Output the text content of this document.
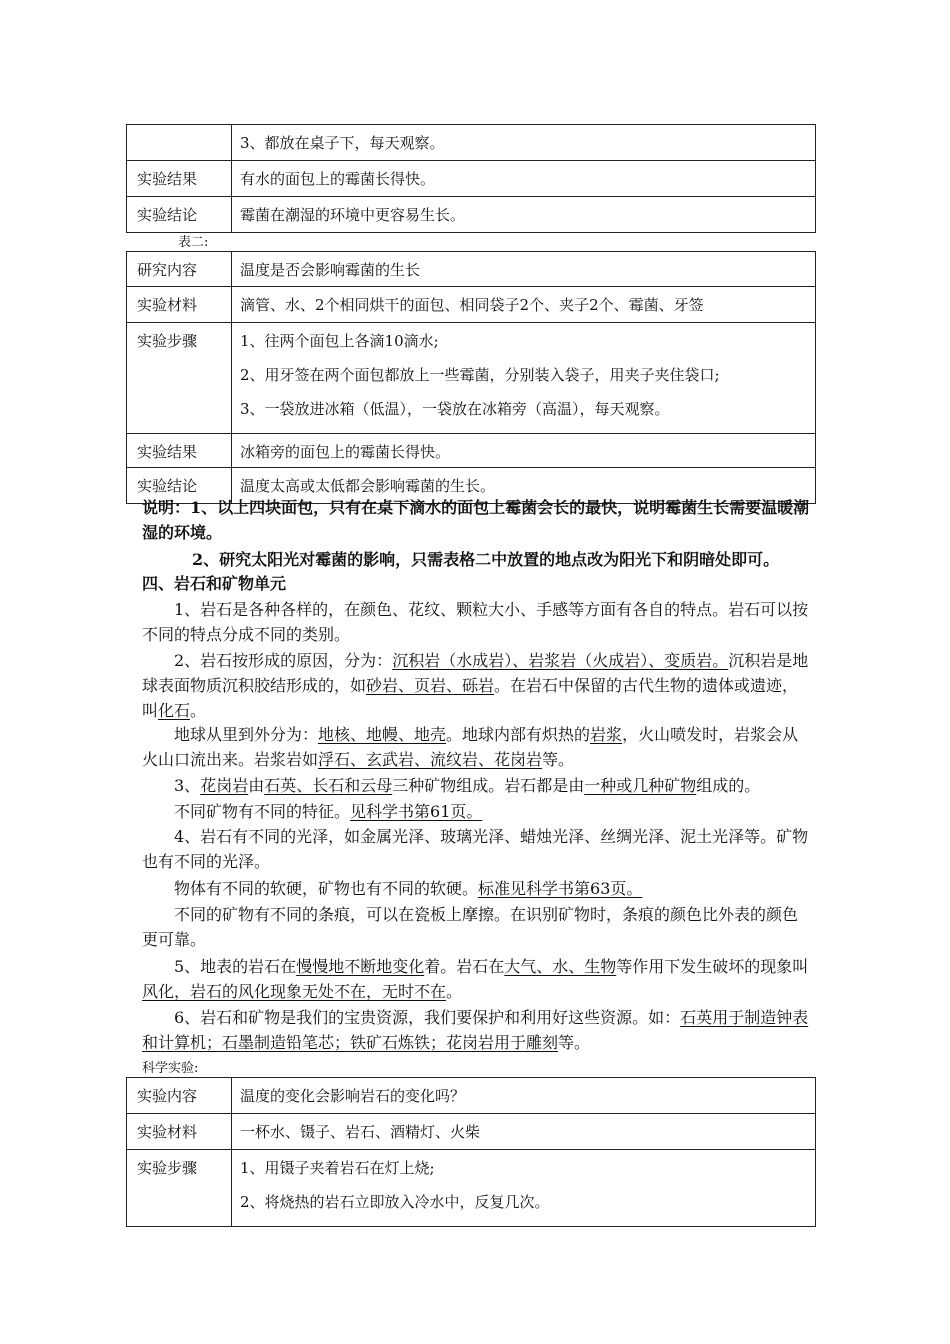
	3、都放在桌子下，每天观察。
实验结果	有水的面包上的霉菌长得快。
实验结论	霉菌在潮湿的环境中更容易生长。
表二:
研究内容	温度是否会影响霉菌的生长
实验材料	滴管、水、2个相同烘干的面包、相同袋子2个、夹子2个、霉菌、牙签
实验步骤	1、往两个面包上各滴10滴水;
2、用牙签在两个面包都放上一些霉菌，分别装入袋子，用夹子夹住袋口;
3、一袋放进冰箱（低温），一袋放在冰箱旁（高温），每天观察。

实验结果	冰箱旁的面包上的霉菌长得快。
实验结论	温度太高或太低都会影响霉菌的生长。
说明：1、以上四块面包，只有在桌下滴水的面包上霉菌会长的最快，说明霉菌生长需要温暖潮湿的环境。
2、研究太阳光对霉菌的影响，只需表格二中放置的地点改为阳光下和阴暗处即可。
四、岩石和矿物单元
1、岩石是各种各样的，在颜色、花纹、颗粒大小、手感等方面有各自的特点。岩石可以按不同的特点分成不同的类别。
2、岩石按形成的原因，分为：沉积岩（水成岩）、岩浆岩（火成岩）、变质岩。沉积岩是地球表面物质沉积胶结形成的，如砂岩、页岩、砾岩。在岩石中保留的古代生物的遗体或遗迹，叫化石。
地球从里到外分为：地核、地幔、地壳。地球内部有炽热的岩浆，火山喷发时，岩浆会从火山口流出来。岩浆岩如浮石、玄武岩、流纹岩、花岗岩等。
3、花岗岩由石英、长石和云母三种矿物组成。岩石都是由一种或几种矿物组成的。
不同矿物有不同的特征。见科学书第61页。
4、岩石有不同的光泽，如金属光泽、玻璃光泽、蜡烛光泽、丝绸光泽、泥土光泽等。矿物也有不同的光泽。
物体有不同的软硬，矿物也有不同的软硬。标准见科学书第63页。
不同的矿物有不同的条痕，可以在瓷板上摩擦。在识别矿物时，条痕的颜色比外表的颜色更可靠。
5、地表的岩石在慢慢地不断地变化着。岩石在大气、水、生物等作用下发生破坏的现象叫风化，岩石的风化现象无处不在，无时不在。
6、岩石和矿物是我们的宝贵资源，我们要保护和利用好这些资源。如：石英用于制造钟表和计算机；石墨制造铅笔芯；铁矿石炼铁；花岗岩用于雕刻等。
科学实验:
实验内容	温度的变化会影响岩石的变化吗？
实验材料	一杯水、镊子、岩石、酒精灯、火柴
实验步骤	1、用镊子夹着岩石在灯上烧;
2、将烧热的岩石立即放入冷水中，反复几次。
